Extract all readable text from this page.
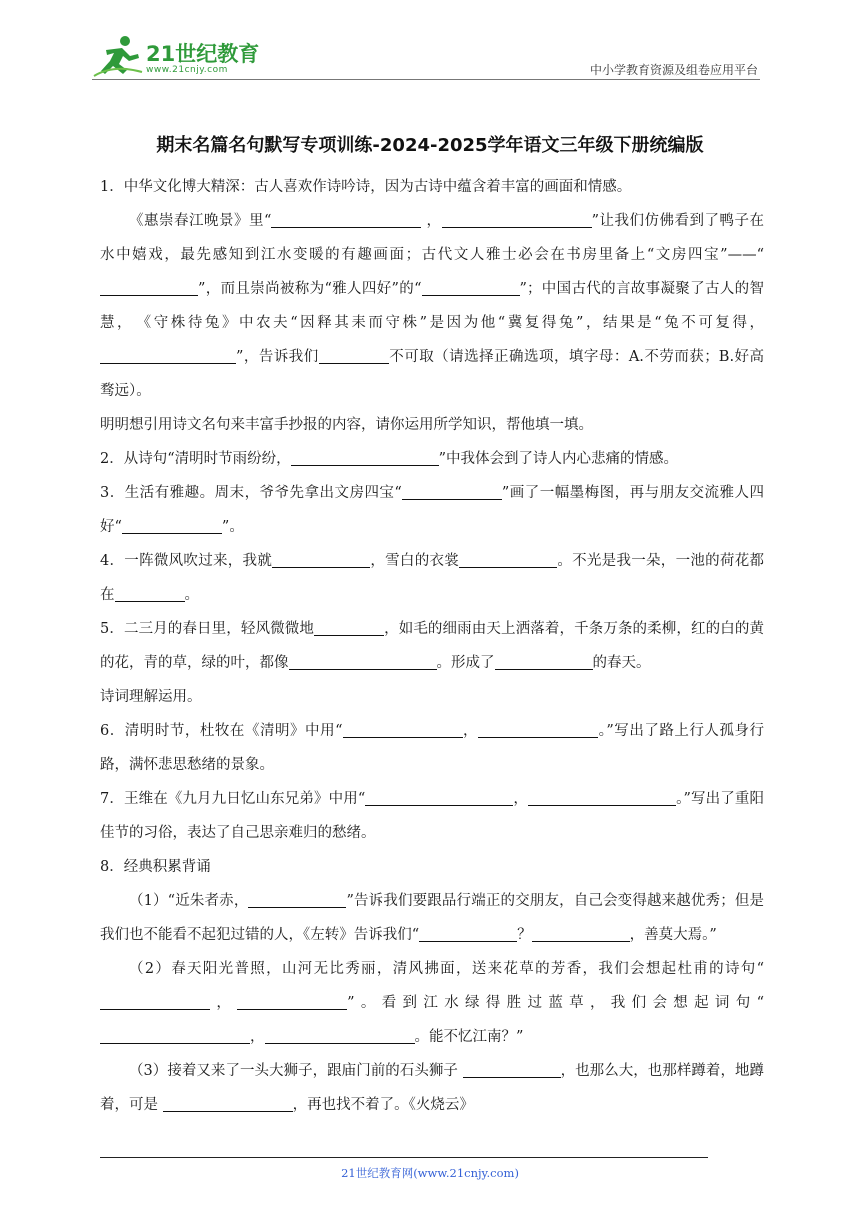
21世纪教育
www.21cnjy.com	中小学教育资源及组卷应用平台
期末名篇名句默写专项训练-2024-2025学年语文三年级下册统编版

1．中华文化博大精深：古人喜欢作诗吟诗，因为古诗中蕴含着丰富的画面和情感。

《惠崇春江晚景》里“	，	”让我们仿佛看到了鸭子在水中嬉戏，最先感知到江水变暖的有趣画面；古代文人雅士必会在书房里备上“文房四宝”——“”，而且崇尚被称为“雅人四好”的“	”；中国古代的言故事凝聚了古人的智慧，　《守株待兔》中农夫“因释其耒而守株”是因为他“冀复得兔”，结果是“兔不可复得，”，告诉我们	不可取（请选择正确选项，填字母：A.不劳而获；B.好高骛远）。

明明想引用诗文名句来丰富手抄报的内容，请你运用所学知识，帮他填一填。

2．从诗句“清明时节雨纷纷，	”中我体会到了诗人内心悲痛的情感。

3．生活有雅趣。周末，爷爷先拿出文房四宝“	”画了一幅墨梅图，再与朋友交流雅人四好“	”。

4．一阵微风吹过来，我就	，雪白的衣裳	。不光是我一朵，一池的荷花都在	。

5．二三月的春日里，轻风微微地	，如毛的细雨由天上洒落着，千条万条的柔柳，红的白的黄的花，青的草，绿的叶，都像	。形成了	的春天。

诗词理解运用。

6．清明时节，杜牧在《清明》中用“	，	。”写出了路上行人孤身行路，满怀悲思愁绪的景象。

7．王维在《九月九日忆山东兄弟》中用“	，	。”写出了重阳佳节的习俗，表达了自己思亲难归的愁绪。

8．经典积累背诵

（1）“近朱者赤，	”告诉我们要跟品行端正的交朋友，自己会变得越来越优秀；但是我们也不能看不起犯过错的人，《左转》告诉我们“	？	，善莫大焉。”

（2）春天阳光普照，山河无比秀丽，清风拂面，送来花草的芳香，我们会想起杜甫的诗句“，	”。看到江水绿得胜过蓝草，我们会想起词句“，	。能不忆江南？”

（3）接着又来了一头大狮子，跟庙门前的石头狮子	，也那么大，也那样蹲着，地蹲着，可是	，再也找不着了。《火烧云》

21世纪教育网(www.21cnjy.com)
